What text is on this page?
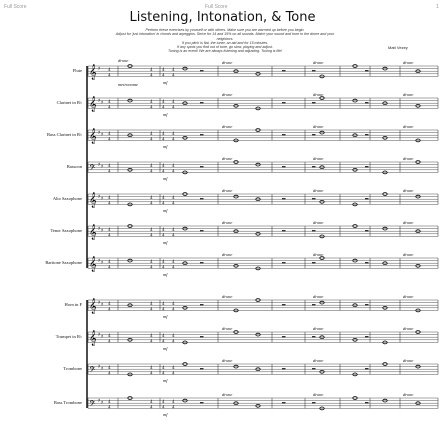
Full Score	Full Score	1
Listening, Intonation, & Tone
Perform these exercises by yourself or with others. Make sure you are warmed up before you begin.
Adjust for 'just intonation' in chords and arpeggios. Strive for 14 and 15% on all sounds. Match your sound and tone to the drone and your neighbors.
If you pitch is flat, the tuner, an aid and for 15 minutes.
If any spots you find out of tune, go slow, playing and adjust.
Tuning is an event! We are always listening and adjusting. Tuning is life!
Matt Vezey
Flute
Clarinet in B♭
Bass Clarinet in B♭
Bassoon
Alto Saxophone
Tenor Saxophone
Baritone Saxophone
Horn in F
Trumpet in B♭
Trombone
Bass Trombone
𝄞 ♯ 4
4
4
4
4
4
4
4
mf
drone	drone	drone
𝄞 ♯ ♯ 4
4
4
4
4
4
4
4
mf
drone	drone	drone
𝄞 ♯ ♯ 4
4
4
4
4
4
4
4
mf
drone	drone	drone
𝄢 ♯ ♯ 4
4
4
4
4
4
4
4
mf
drone	drone	drone
𝄞 ♯ ♯ 4
4
4
4
4
4
4
4
mf
drone	drone	drone
𝄞 ♯ ♯ 4
4
4
4
4
4
4
4
mf
drone	drone	drone
𝄞 ♯ ♯ 4
4
4
4
4
4
4
4
mf
drone	drone	drone
𝄞 ♯ ♯ 4
4
4
4
4
4
4
4
mf
drone	drone	drone
𝄞 ♯ ♯ 4
4
4
4
4
4
4
4
mf
drone	drone	drone
𝄢 ♯ ♯ 4
4
4
4
4
4
4
4
mf
drone	drone	drone
𝄢 ♯ ♯ 4
4
4
4
4
4
4
4
mf
drone	drone	drone
drone
metronome
